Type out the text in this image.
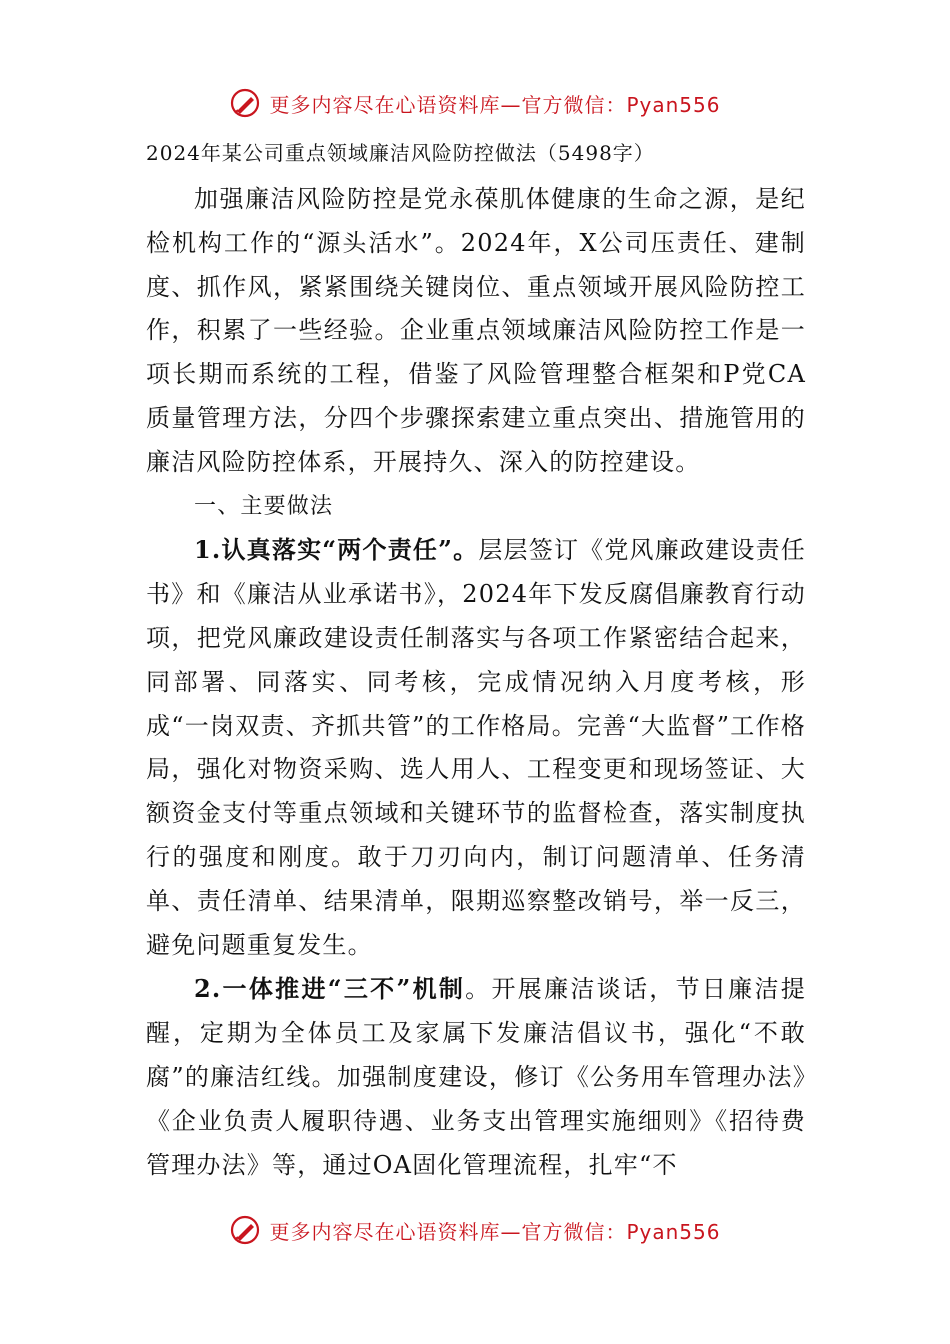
更多内容尽在心语资料库—官方微信：Pyan556

2024年某公司重点领域廉洁风险防控做法（5498字）

加强廉洁风险防控是党永葆肌体健康的生命之源，是纪检机构工作的“源头活水”。2024年，X公司压责任、建制度、抓作风，紧紧围绕关键岗位、重点领域开展风险防控工作，积累了一些经验。企业重点领域廉洁风险防控工作是一项长期而系统的工程，借鉴了风险管理整合框架和P党CA质量管理方法，分四个步骤探索建立重点突出、措施管用的廉洁风险防控体系，开展持久、深入的防控建设。

一、主要做法

1.认真落实“两个责任”。层层签订《党风廉政建设责任书》和《廉洁从业承诺书》，2024年下发反腐倡廉教育行动项，把党风廉政建设责任制落实与各项工作紧密结合起来，同部署、同落实、同考核，完成情况纳入月度考核，形成“一岗双责、齐抓共管”的工作格局。完善“大监督”工作格局，强化对物资采购、选人用人、工程变更和现场签证、大额资金支付等重点领域和关键环节的监督检查，落实制度执行的强度和刚度。敢于刀刃向内，制订问题清单、任务清单、责任清单、结果清单，限期巡察整改销号，举一反三，避免问题重复发生。

2.一体推进“三不”机制。开展廉洁谈话，节日廉洁提醒，定期为全体员工及家属下发廉洁倡议书，强化“不敢腐”的廉洁红线。加强制度建设，修订《公务用车管理办法》《企业负责人履职待遇、业务支出管理实施细则》《招待费管理办法》等，通过OA固化管理流程，扎牢“不

更多内容尽在心语资料库—官方微信：Pyan556
